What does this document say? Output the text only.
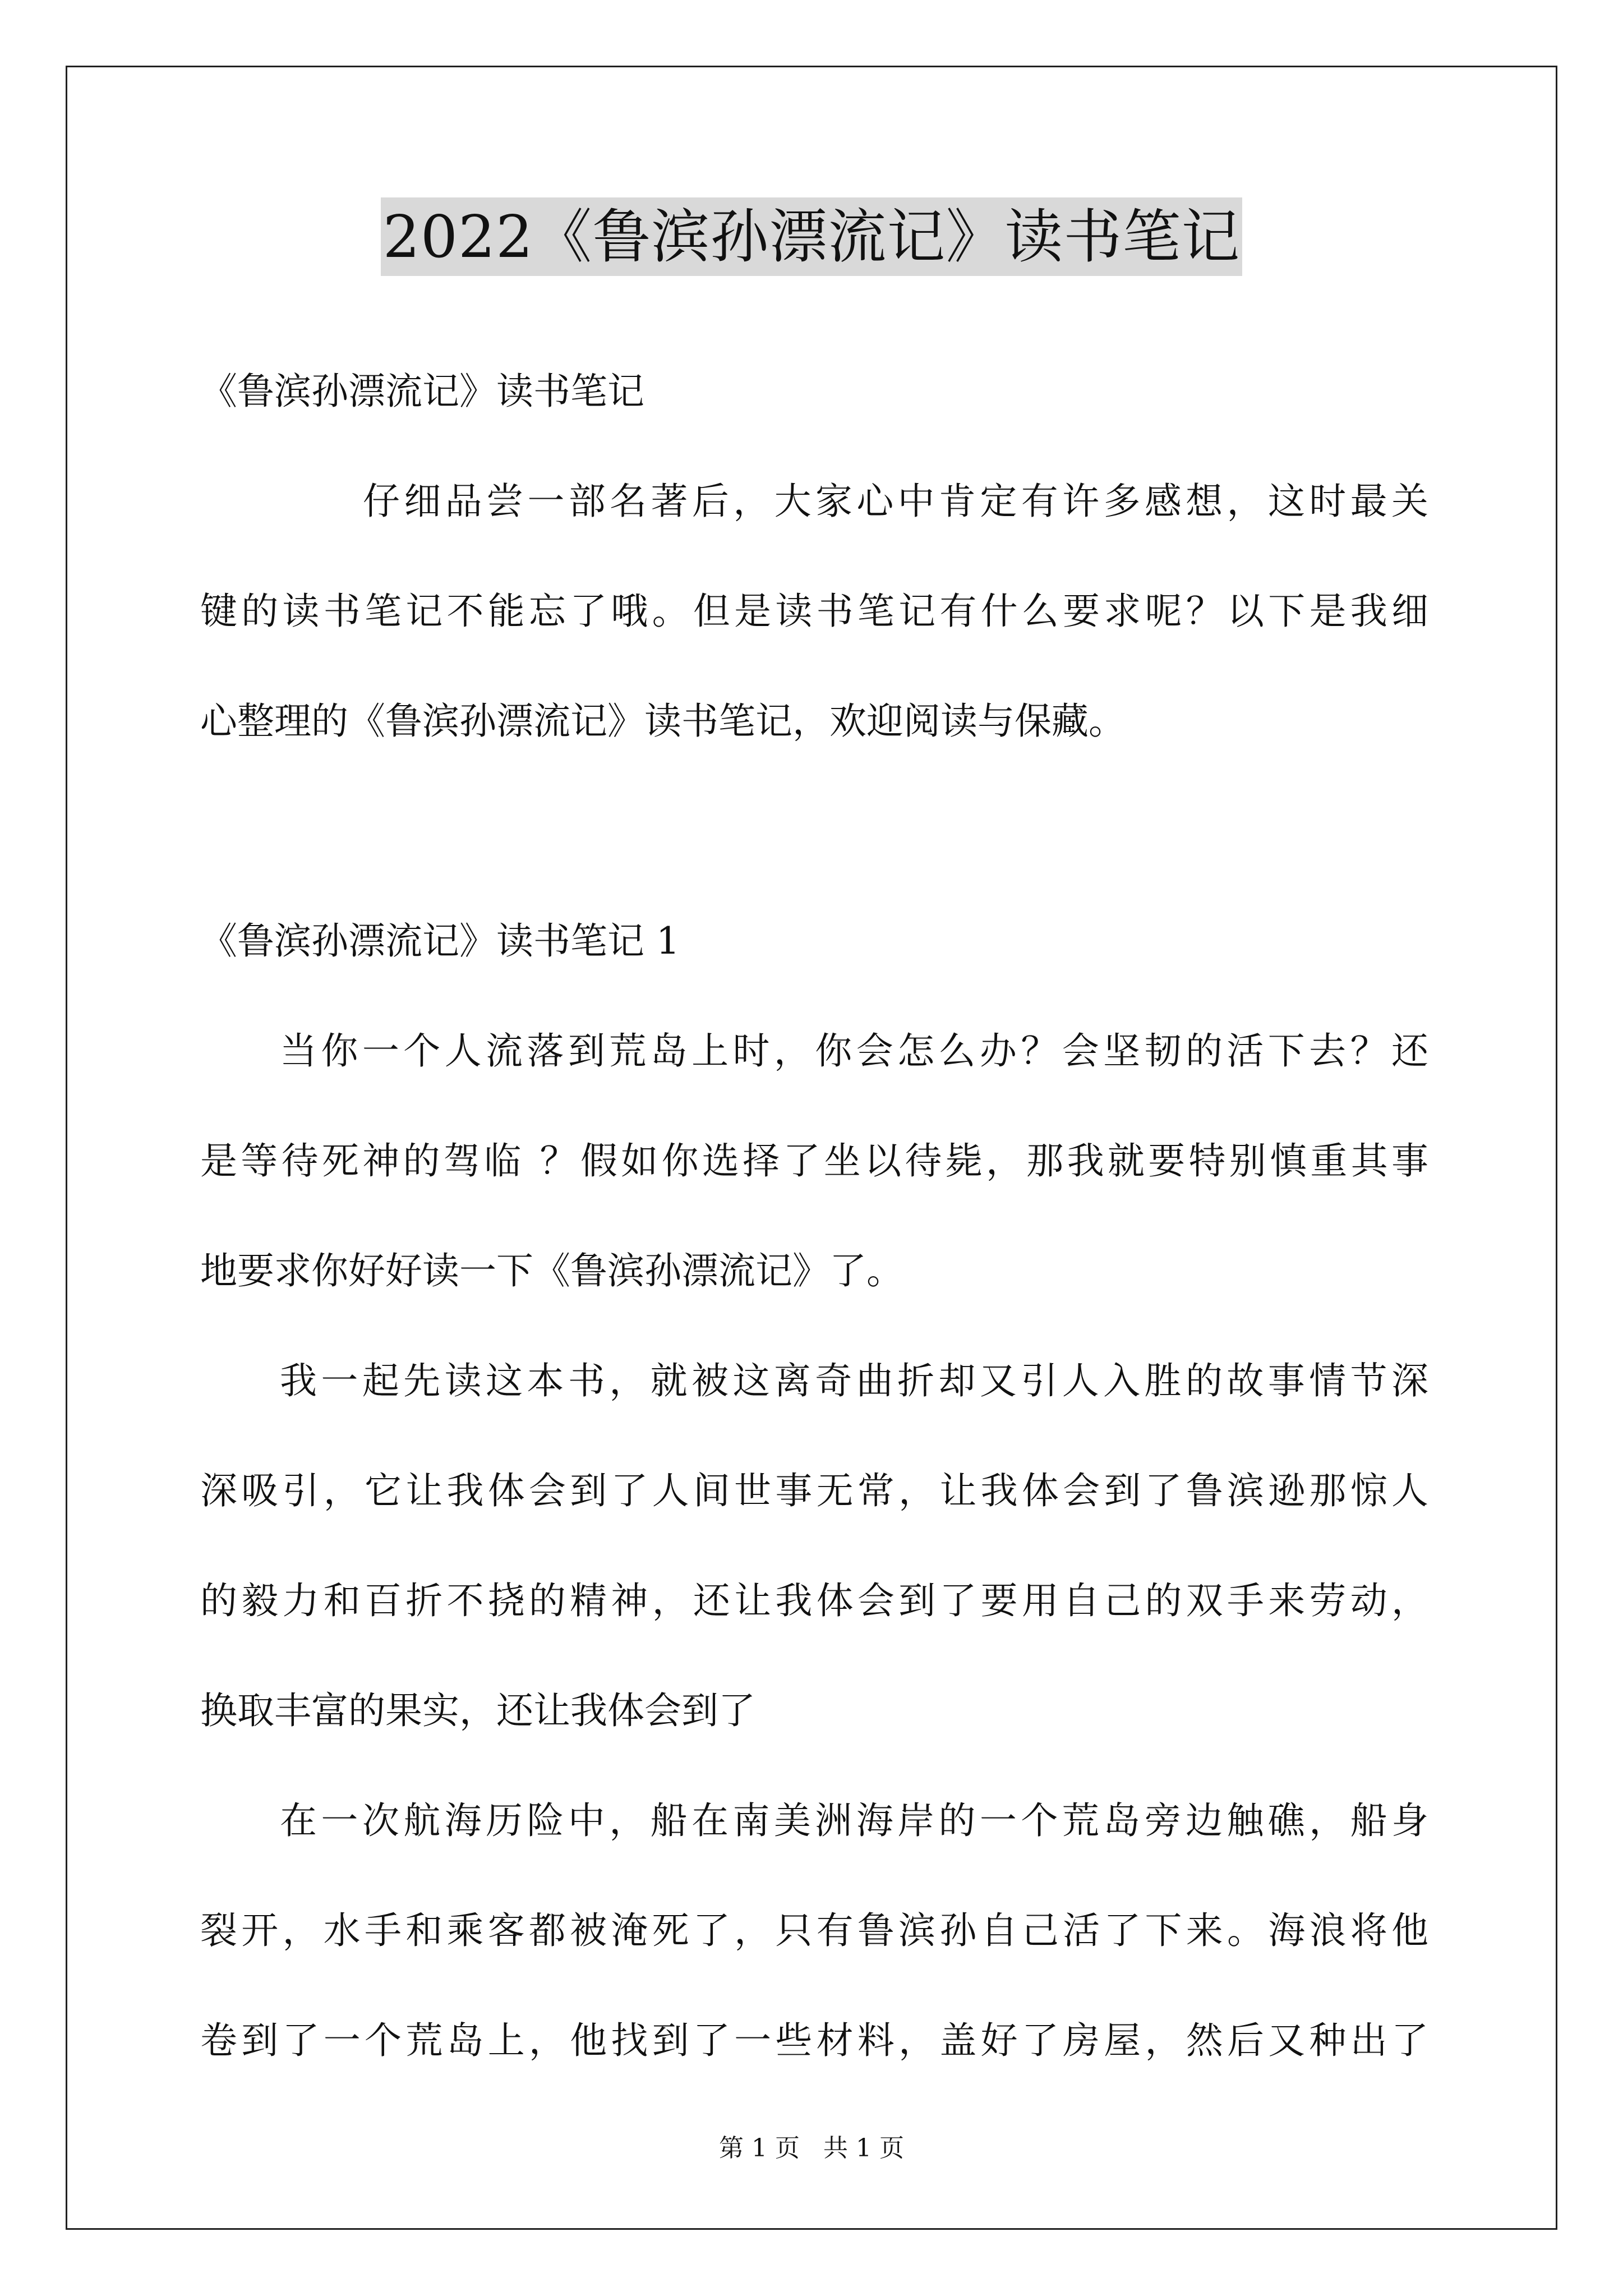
2022《鲁滨孙漂流记》读书笔记
《鲁滨孙漂流记》读书笔记
仔细品尝一部名著后，大家心中肯定有许多感想，这时最关
键的读书笔记不能忘了哦。但是读书笔记有什么要求呢？以下是我细
心整理的《鲁滨孙漂流记》读书笔记，欢迎阅读与保藏。
《鲁滨孙漂流记》读书笔记 1
当你一个人流落到荒岛上时，你会怎么办？会坚韧的活下去？还
是等待死神的驾临 ？假如你选择了坐以待毙，那我就要特别慎重其事
地要求你好好读一下《鲁滨孙漂流记》了。
我一起先读这本书，就被这离奇曲折却又引人入胜的故事情节深
深吸引，它让我体会到了人间世事无常，让我体会到了鲁滨逊那惊人
的毅力和百折不挠的精神，还让我体会到了要用自己的双手来劳动，
换取丰富的果实，还让我体会到了
在一次航海历险中，船在南美洲海岸的一个荒岛旁边触礁，船身
裂开，水手和乘客都被淹死了，只有鲁滨孙自己活了下来。海浪将他
卷到了一个荒岛上，他找到了一些材料，盖好了房屋，然后又种出了
第 1 页 共 1 页
